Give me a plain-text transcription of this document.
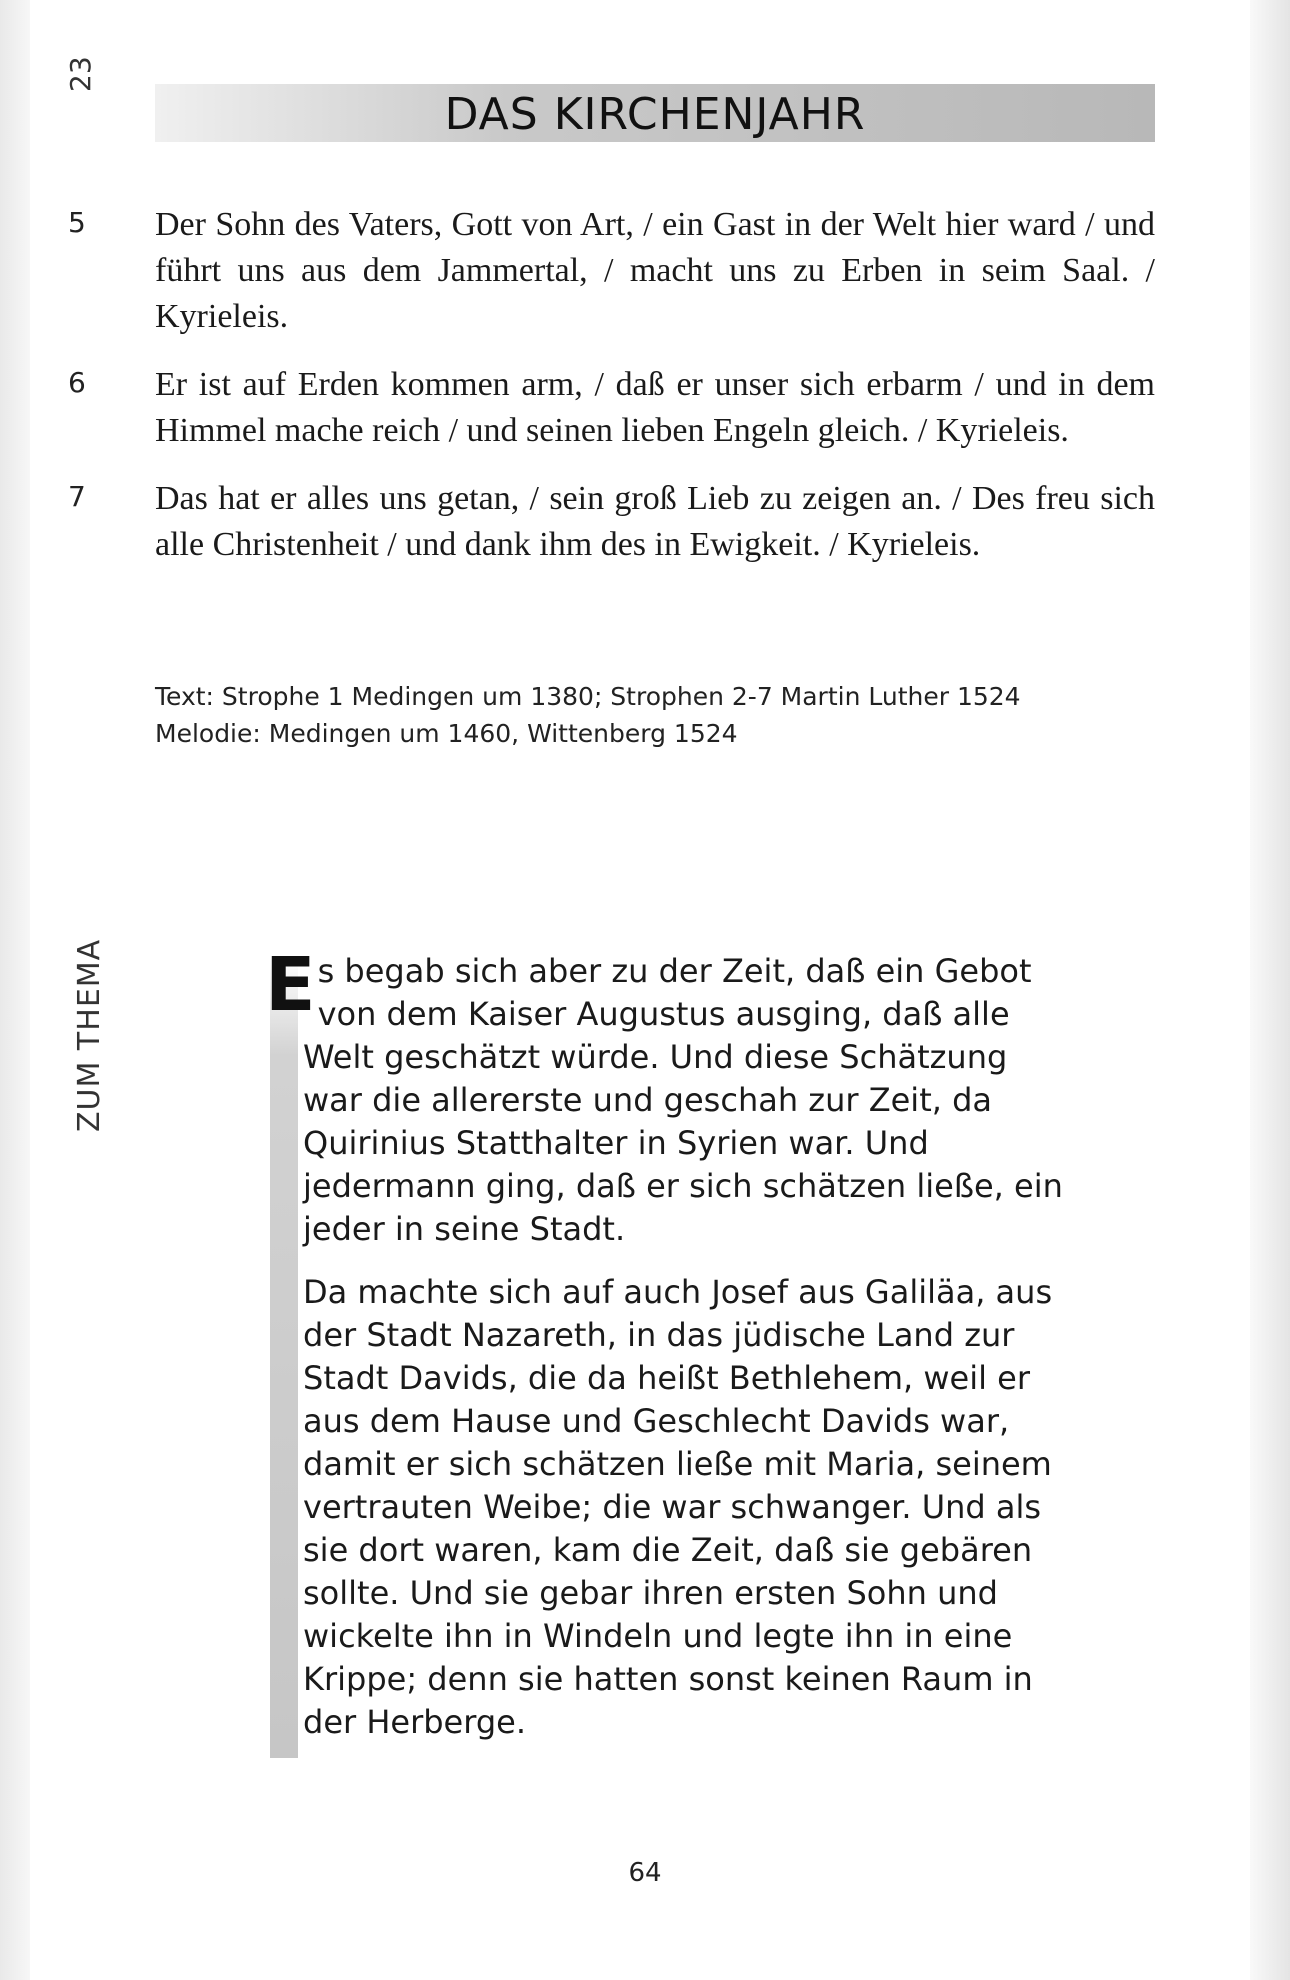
23
ZUM THEMA
DAS KIRCHENJAHR
5 Der Sohn des Vaters, Gott von Art, / ein Gast in der Welt hier ward / und führt uns aus dem Jammertal, / macht uns zu Erben in seim Saal. / Kyrieleis.
6 Er ist auf Erden kommen arm, / daß er unser sich erbarm / und in dem Himmel mache reich / und seinen lieben Engeln gleich. / Kyrieleis.
7 Das hat er alles uns getan, / sein groß Lieb zu zeigen an. / Des freu sich alle Christenheit / und dank ihm des in Ewigkeit. / Kyrieleis.
Text: Strophe 1 Medingen um 1380; Strophen 2-7 Martin Luther 1524
Melodie: Medingen um 1460, Wittenberg 1524

Es begab sich aber zu der Zeit, daß ein Gebot von dem Kaiser Augustus ausging, daß alle Welt geschätzt würde. Und diese Schätzung war die allererste und geschah zur Zeit, da Quirinius Statthalter in Syrien war. Und jedermann ging, daß er sich schätzen ließe, ein jeder in seine Stadt.

Da machte sich auf auch Josef aus Galiläa, aus der Stadt Nazareth, in das jüdische Land zur Stadt Davids, die da heißt Bethlehem, weil er aus dem Hause und Geschlecht Davids war, damit er sich schätzen ließe mit Maria, seinem vertrauten Weibe; die war schwanger. Und als sie dort waren, kam die Zeit, daß sie gebären sollte. Und sie gebar ihren ersten Sohn und wickelte ihn in Windeln und legte ihn in eine Krippe; denn sie hatten sonst keinen Raum in der Herberge.

64
